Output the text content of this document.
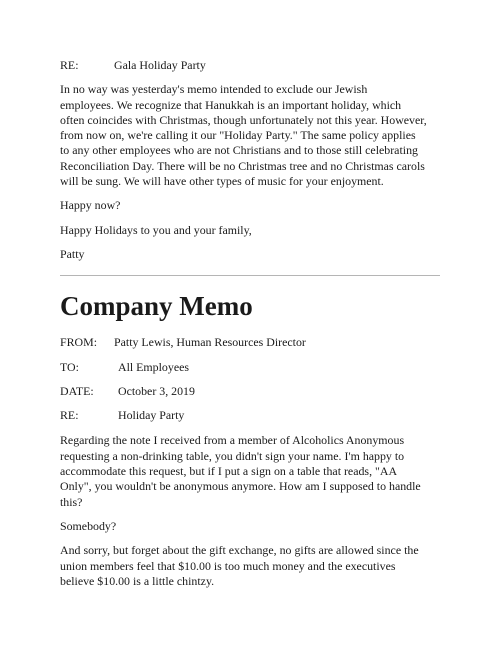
RE:	Gala Holiday Party

In no way was yesterday's memo intended to exclude our Jewish

employees. We recognize that Hanukkah is an important holiday, which

often coincides with Christmas, though unfortunately not this year. However,

from now on, we're calling it our "Holiday Party." The same policy applies

to any other employees who are not Christians and to those still celebrating

Reconciliation Day. There will be no Christmas tree and no Christmas carols

will be sung. We will have other types of music for your enjoyment.

Happy now?

Happy Holidays to you and your family,

Patty

Company Memo
FROM:	Patty Lewis, Human Resources Director
TO:	All Employees
DATE:	October 3, 2019
RE:	Holiday Party

Regarding the note I received from a member of Alcoholics Anonymous

requesting a non-drinking table, you didn't sign your name. I'm happy to

accommodate this request, but if I put a sign on a table that reads, "AA

Only", you wouldn't be anonymous anymore. How am I supposed to handle

this?

Somebody?

And sorry, but forget about the gift exchange, no gifts are allowed since the

union members feel that $10.00 is too much money and the executives

believe $10.00 is a little chintzy.
